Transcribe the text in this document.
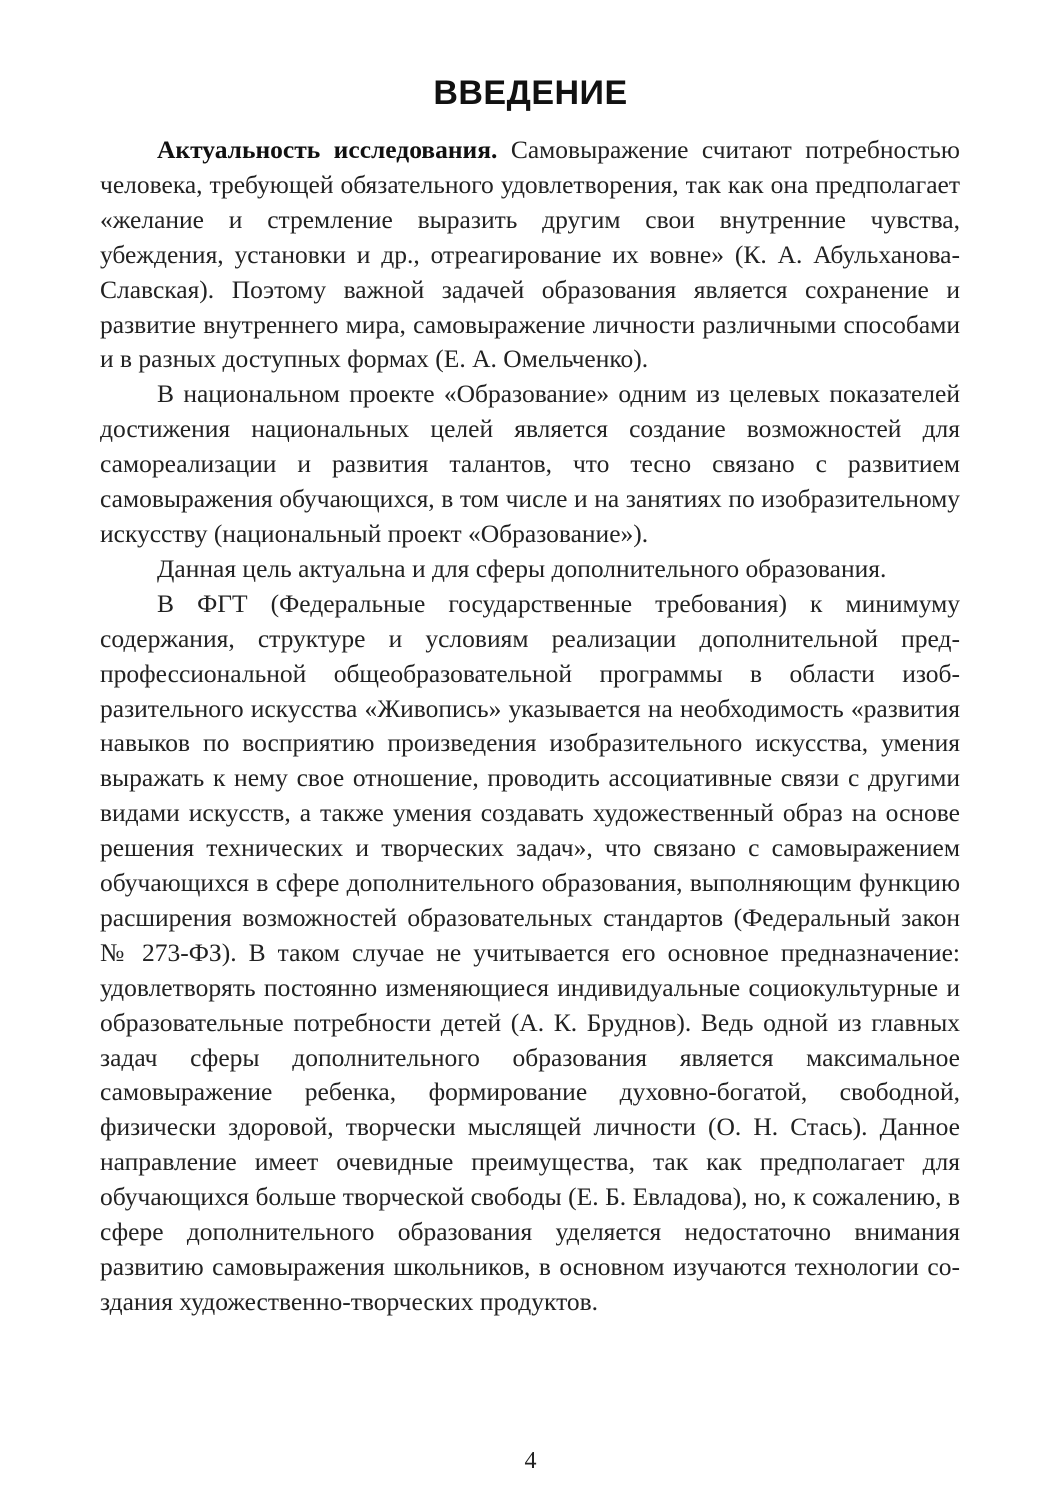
ВВЕДЕНИЕ

Актуальность исследования. Самовыражение считают потребностью человека, требующей обязательного удовлетворения, так как она предполагает «желание и стремление выразить другим свои внутренние чувства, убеждения, установки и др., отреагирование их вовне» (К. А. Абульханова-Славская). Поэтому важной задачей образования является сохранение и развитие внутреннего мира, самовыражение личности различными способами и в разных доступных формах (Е. А. Омельченко).

В национальном проекте «Образование» одним из целевых показателей достижения национальных целей является создание возможностей для самореализации и развития талантов, что тесно связано с развитием самовыражения обучающихся, в том числе и на занятиях по изобразительному искусству (национальный проект «Образование»).

Данная цель актуальна и для сферы дополнительного образования.

В ФГТ (Федеральные государственные требования) к минимуму содержания, структуре и условиям реализации дополнительной предпрофессиональной общеобразовательной программы в области изобразительного искусства «Живопись» указывается на необходимость «развития навыков по восприятию произведения изобразительного искусства, умения выражать к нему свое отношение, проводить ассоциативные связи с другими видами искусств, а также умения создавать художественный образ на основе решения технических и творческих задач», что связано с самовыражением обучающихся в сфере дополнительного образования, выполняющим функцию расширения возможностей образовательных стандартов (Федеральный закон № 273-ФЗ). В таком случае не учитывается его основное предназначение: удовлетворять постоянно изменяющиеся индивидуальные социокультурные и образовательные потребности детей (А. К. Бруднов). Ведь одной из главных задач сферы дополнительного образования является максимальное самовыражение ребенка, формирование духовно-богатой, свободной, физически здоровой, творчески мыслящей личности (О. Н. Стась). Данное направление имеет очевидные преимущества, так как предполагает для обучающихся больше творческой свободы (Е. Б. Евладова), но, к сожалению, в сфере дополнительного образования уделяется недостаточно внимания развитию самовыражения школьников, в основном изучаются технологии создания художественно-творческих продуктов.

4
